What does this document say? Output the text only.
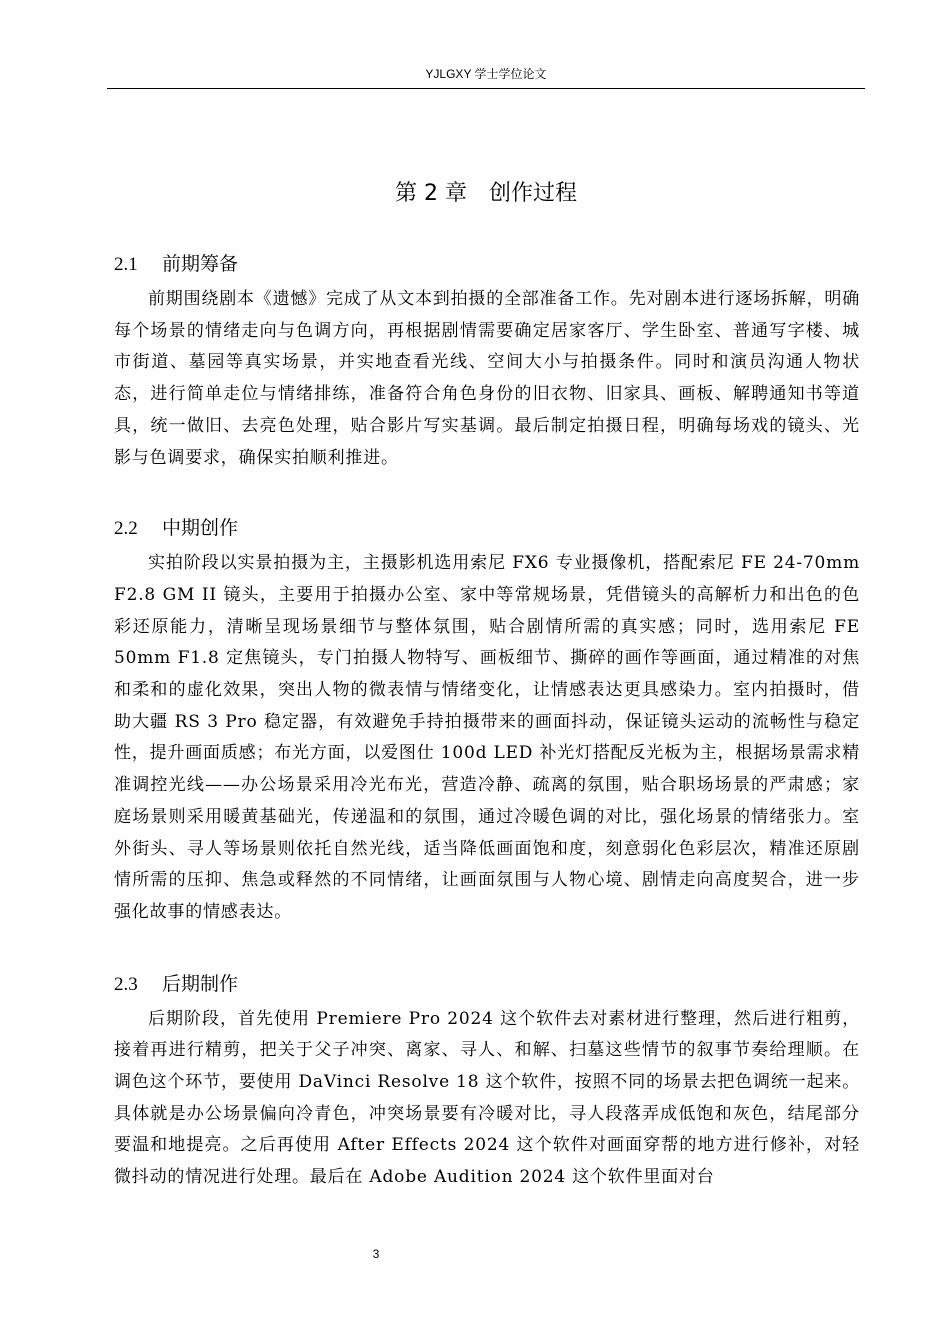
YJLGXY 学士学位论文
第 2 章 创作过程
2.1 前期筹备

前期围绕剧本《遗憾》完成了从文本到拍摄的全部准备工作。先对剧本进行逐场拆解，明确每个场景的情绪走向与色调方向，再根据剧情需要确定居家客厅、学生卧室、普通写字楼、城市街道、墓园等真实场景，并实地查看光线、空间大小与拍摄条件。同时和演员沟通人物状态，进行简单走位与情绪排练，准备符合角色身份的旧衣物、旧家具、画板、解聘通知书等道具，统一做旧、去亮色处理，贴合影片写实基调。最后制定拍摄日程，明确每场戏的镜头、光影与色调要求，确保实拍顺利推进。

2.2 中期创作

实拍阶段以实景拍摄为主，主摄影机选用索尼 FX6 专业摄像机，搭配索尼 FE 24-70mm F2.8 GM II 镜头，主要用于拍摄办公室、家中等常规场景，凭借镜头的高解析力和出色的色彩还原能力，清晰呈现场景细节与整体氛围，贴合剧情所需的真实感；同时，选用索尼 FE 50mm F1.8 定焦镜头，专门拍摄人物特写、画板细节、撕碎的画作等画面，通过精准的对焦和柔和的虚化效果，突出人物的微表情与情绪变化，让情感表达更具感染力。室内拍摄时，借助大疆 RS 3 Pro 稳定器，有效避免手持拍摄带来的画面抖动，保证镜头运动的流畅性与稳定性，提升画面质感；布光方面，以爱图仕 100d LED 补光灯搭配反光板为主，根据场景需求精准调控光线——办公场景采用冷光布光，营造冷静、疏离的氛围，贴合职场场景的严肃感；家庭场景则采用暖黄基础光，传递温和的氛围，通过冷暖色调的对比，强化场景的情绪张力。室外街头、寻人等场景则依托自然光线，适当降低画面饱和度，刻意弱化色彩层次，精准还原剧情所需的压抑、焦急或释然的不同情绪，让画面氛围与人物心境、剧情走向高度契合，进一步强化故事的情感表达。

2.3 后期制作

后期阶段，首先使用 Premiere Pro 2024 这个软件去对素材进行整理，然后进行粗剪，接着再进行精剪，把关于父子冲突、离家、寻人、和解、扫墓这些情节的叙事节奏给理顺。在调色这个环节，要使用 DaVinci Resolve 18 这个软件，按照不同的场景去把色调统一起来。具体就是办公场景偏向冷青色，冲突场景要有冷暖对比，寻人段落弄成低饱和灰色，结尾部分要温和地提亮。之后再使用 After Effects 2024 这个软件对画面穿帮的地方进行修补，对轻微抖动的情况进行处理。最后在 Adobe Audition 2024 这个软件里面对台

3
